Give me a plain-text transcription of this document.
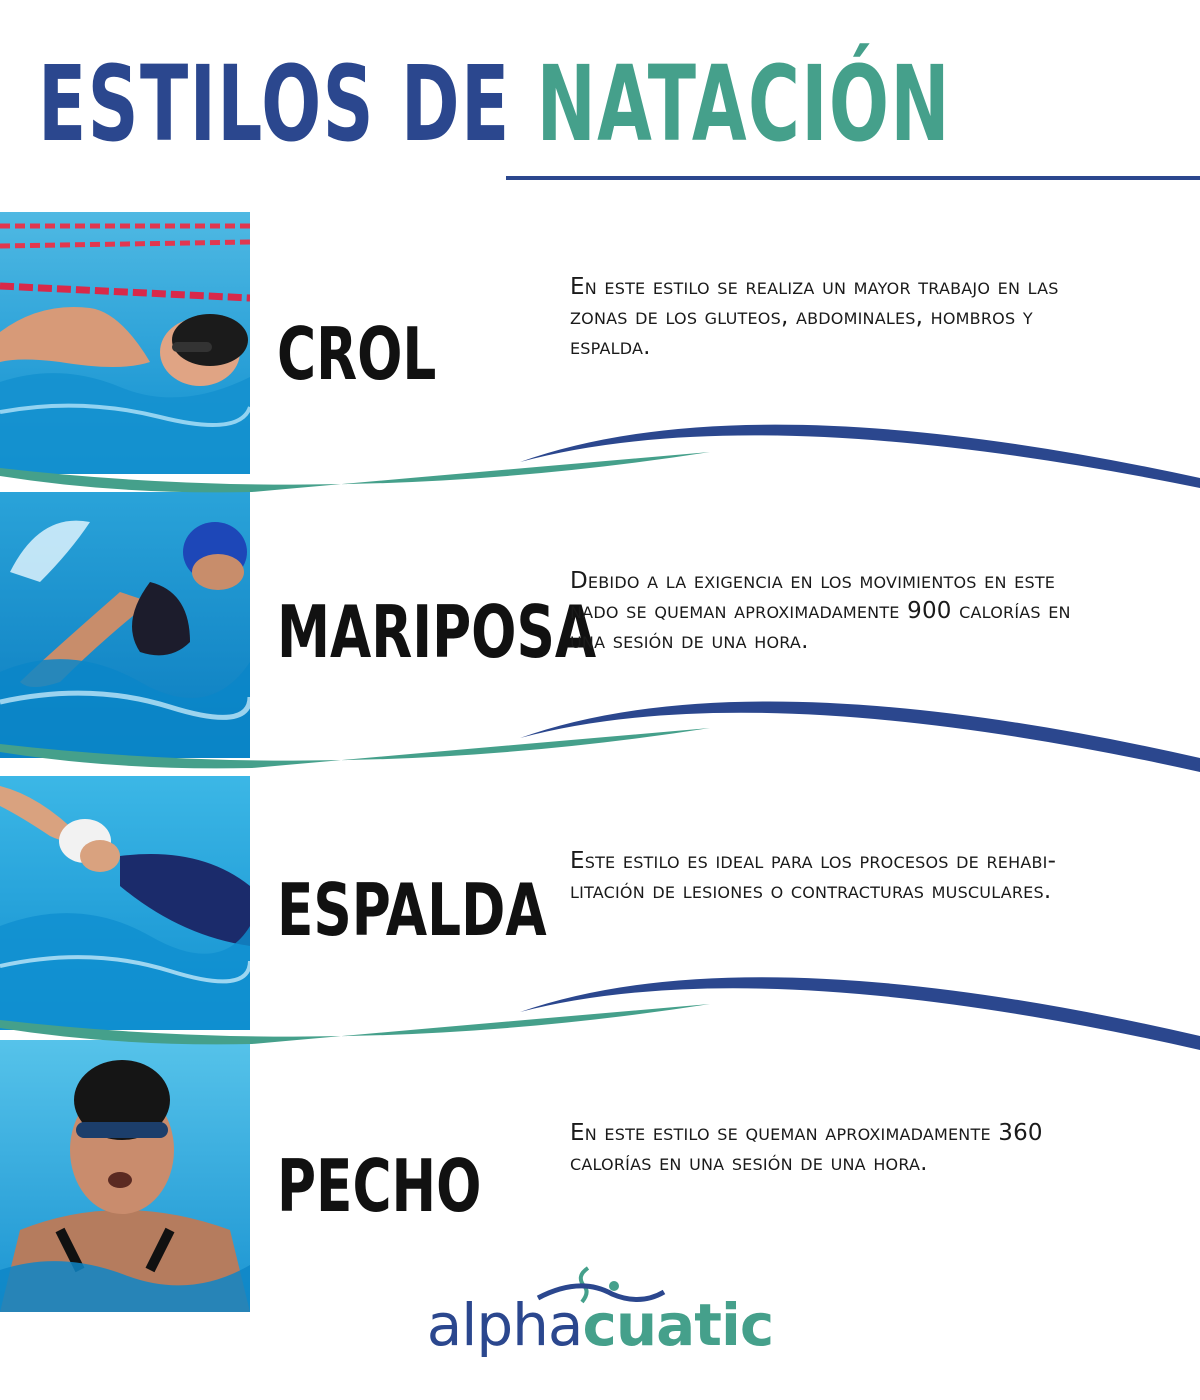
ESTILOS DE NATACIÓN
CROL

En este estilo se realiza un mayor trabajo en las zonas de los gluteos, abdominales, hombros y espalda.

MARIPOSA

Debido a la exigencia en los movimientos en este nado se queman aproximadamente 900 calorías en una sesión de una hora.

ESPALDA

Este estilo es ideal para los procesos de rehabi-litación de lesiones o contracturas musculares.

PECHO

En este estilo se queman aproximadamente 360 calorías en una sesión de una hora.

alphacuatic
